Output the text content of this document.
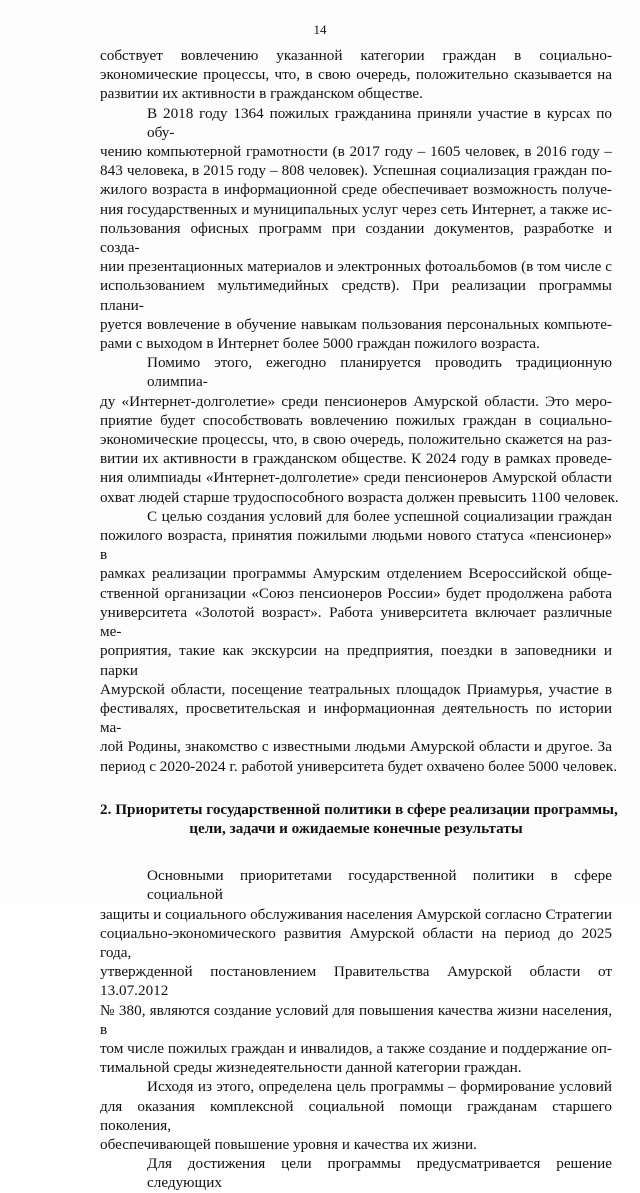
14

собствует вовлечению указанной категории граждан в социально-
экономические процессы, что, в свою очередь, положительно сказывается на
развитии их активности в гражданском обществе.

В 2018 году 1364 пожилых гражданина приняли участие в курсах по обу-
чению компьютерной грамотности (в 2017 году – 1605 человек, в 2016 году –
843 человека, в 2015 году – 808 человек). Успешная социализация граждан по-
жилого возраста в информационной среде обеспечивает возможность получе-
ния государственных и муниципальных услуг через сеть Интернет, а также ис-
пользования офисных программ при создании документов, разработке и созда-
нии презентационных материалов и электронных фотоальбомов (в том числе с
использованием мультимедийных средств). При реализации программы плани-
руется вовлечение в обучение навыкам пользования персональных компьюте-
рами с выходом в Интернет более 5000 граждан пожилого возраста.

Помимо этого, ежегодно планируется проводить традиционную олимпиа-
ду «Интернет-долголетие» среди пенсионеров Амурской области. Это меро-
приятие будет способствовать вовлечению пожилых граждан в социально-
экономические процессы, что, в свою очередь, положительно скажется на раз-
витии их активности в гражданском обществе. К 2024 году в рамках проведе-
ния олимпиады «Интернет-долголетие» среди пенсионеров Амурской области
охват людей старше трудоспособного возраста должен превысить 1100 человек.

С целью создания условий для более успешной социализации граждан
пожилого возраста, принятия пожилыми людьми нового статуса «пенсионер» в
рамках реализации программы Амурским отделением Всероссийской обще-
ственной организации «Союз пенсионеров России» будет продолжена работа
университета «Золотой возраст». Работа университета включает различные ме-
роприятия, такие как экскурсии на предприятия, поездки в заповедники и парки
Амурской области, посещение театральных площадок Приамурья, участие в
фестивалях, просветительская и информационная деятельность по истории ма-
лой Родины, знакомство с известными людьми Амурской области и другое. За
период с 2020-2024 г. работой университета будет охвачено более 5000 человек.

2. Приоритеты государственной политики в сфере реализации программы,
цели, задачи и ожидаемые конечные результаты

Основными приоритетами государственной политики в сфере социальной
защиты и социального обслуживания населения Амурской согласно Стратегии
социально-экономического развития Амурской области на период до 2025 года,
утвержденной постановлением Правительства Амурской области от 13.07.2012
№ 380, являются создание условий для повышения качества жизни населения, в
том числе пожилых граждан и инвалидов, а также создание и поддержание оп-
тимальной среды жизнедеятельности данной категории граждан.

Исходя из этого, определена цель программы – формирование условий
для оказания комплексной социальной помощи гражданам старшего поколения,
обеспечивающей повышение уровня и качества их жизни.

Для достижения цели программы предусматривается решение следующих
